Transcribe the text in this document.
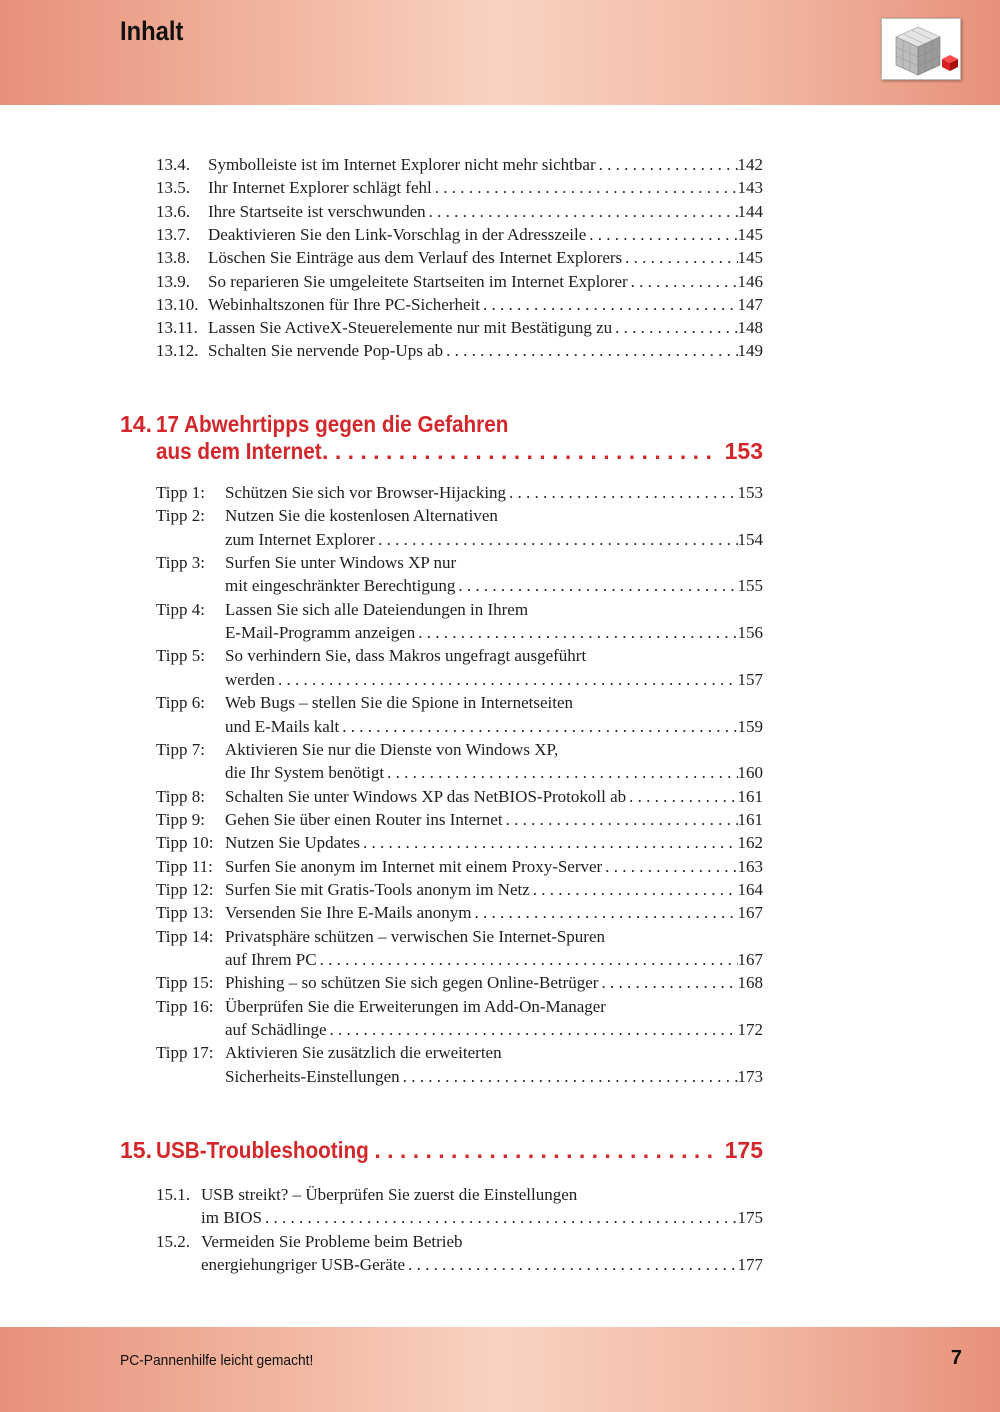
Inhalt
13.4. Symbolleiste ist im Internet Explorer nicht mehr sichtbar . . .	142
13.5. Ihr Internet Explorer schlägt fehl . . .	143
13.6. Ihre Startseite ist verschwunden . . .	144
13.7. Deaktivieren Sie den Link-Vorschlag in der Adresszeile . . .	145
13.8. Löschen Sie Einträge aus dem Verlauf des Internet Explorers . . .	145
13.9. So reparieren Sie umgeleitete Startseiten im Internet Explorer . . .	146
13.10. Webinhaltszonen für Ihre PC-Sicherheit . . .	147
13.11. Lassen Sie ActiveX-Steuerelemente nur mit Bestätigung zu . . .	148
13.12. Schalten Sie nervende Pop-Ups ab . . .	149
14. 17 Abwehrtipps gegen die Gefahren
aus dem Internet . . .	153
Tipp 1: Schützen Sie sich vor Browser-Hijacking . . .	153
Tipp 2: Nutzen Sie die kostenlosen Alternativen
zum Internet Explorer . . .	154
Tipp 3: Surfen Sie unter Windows XP nur
mit eingeschränkter Berechtigung . . .	155
Tipp 4: Lassen Sie sich alle Dateiendungen in Ihrem
E-Mail-Programm anzeigen . . .	156
Tipp 5: So verhindern Sie, dass Makros ungefragt ausgeführt
werden . . .	157
Tipp 6: Web Bugs – stellen Sie die Spione in Internetseiten
und E-Mails kalt . . .	159
Tipp 7: Aktivieren Sie nur die Dienste von Windows XP,
die Ihr System benötigt . . .	160
Tipp 8: Schalten Sie unter Windows XP das NetBIOS-Protokoll ab . . .	161
Tipp 9: Gehen Sie über einen Router ins Internet . . .	161
Tipp 10: Nutzen Sie Updates . . .	162
Tipp 11: Surfen Sie anonym im Internet mit einem Proxy-Server . . .	163
Tipp 12: Surfen Sie mit Gratis-Tools anonym im Netz . . .	164
Tipp 13: Versenden Sie Ihre E-Mails anonym . . .	167
Tipp 14: Privatsphäre schützen – verwischen Sie Internet-Spuren
auf Ihrem PC . . .	167
Tipp 15: Phishing – so schützen Sie sich gegen Online-Betrüger . . .	168
Tipp 16: Überprüfen Sie die Erweiterungen im Add-On-Manager
auf Schädlinge . . .	172
Tipp 17: Aktivieren Sie zusätzlich die erweiterten
Sicherheits-Einstellungen . . .	173
15. USB-Troubleshooting . . .	175
15.1. USB streikt? – Überprüfen Sie zuerst die Einstellungen
im BIOS . . .	175
15.2. Vermeiden Sie Probleme beim Betrieb
energiehungriger USB-Geräte . . .	177
PC-Pannenhilfe leicht gemacht!	7
